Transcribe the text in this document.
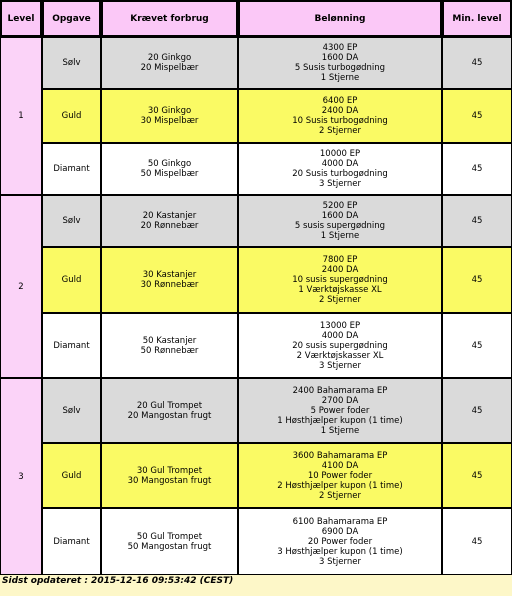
Level	Opgave	Krævet forbrug	Belønning	Min. level
1	Sølv	20 Ginkgo
20 Mispelbær	4300 EP
1600 DA
5 Susis turbogødning
1 Stjerne	45
	Guld	30 Ginkgo
30 Mispelbær	6400 EP
2400 DA
10 Susis turbogødning
2 Stjerner	45
	Diamant	50 Ginkgo
50 Mispelbær	10000 EP
4000 DA
20 Susis turbogødning
3 Stjerner	45
2	Sølv	20 Kastanjer
20 Rønnebær	5200 EP
1600 DA
5 susis supergødning
1 Stjerne	45
	Guld	30 Kastanjer
30 Rønnebær	7800 EP
2400 DA
10 susis supergødning
1 Værktøjskasse XL
2 Stjerner	45
	Diamant	50 Kastanjer
50 Rønnebær	13000 EP
4000 DA
20 susis supergødning
2 Værktøjskasser XL
3 Stjerner	45
3	Sølv	20 Gul Trompet
20 Mangostan frugt	2400 Bahamarama EP
2700 DA
5 Power foder
1 Høsthjælper kupon (1 time)
1 Stjerne	45
	Guld	30 Gul Trompet
30 Mangostan frugt	3600 Bahamarama EP
4100 DA
10 Power foder
2 Høsthjælper kupon (1 time)
2 Stjerner	45
	Diamant	50 Gul Trompet
50 Mangostan frugt	6100 Bahamarama EP
6900 DA
20 Power foder
3 Høsthjælper kupon (1 time)
3 Stjerner	45
Sidst opdateret : 2015-12-16 09:53:42 (CEST)
